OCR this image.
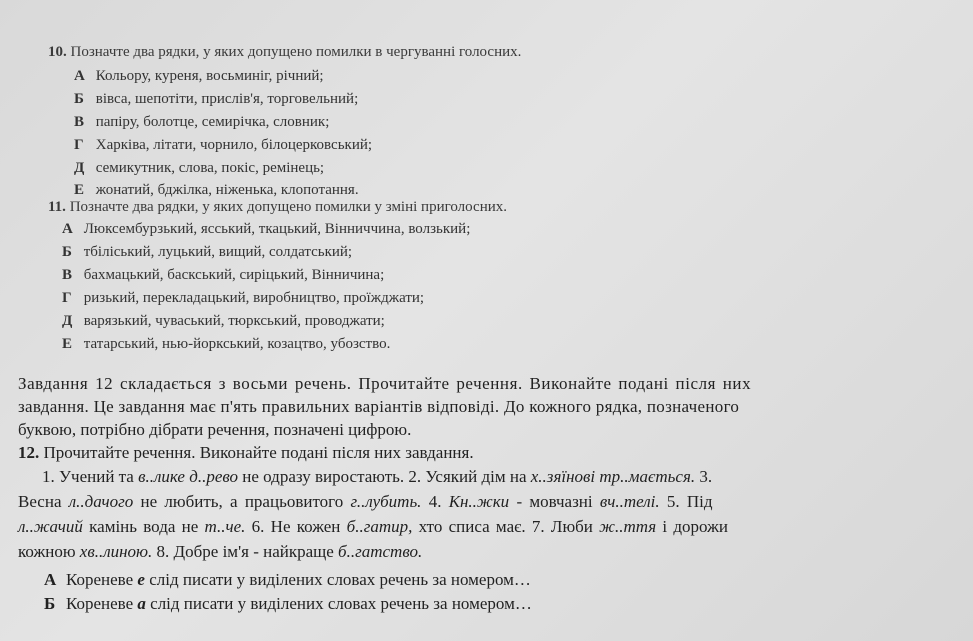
10. Позначте два рядки, у яких допущено помилки в чергуванні голосних.
А Кольору, куреня, восьминіг, річний;
Б вівса, шепотіти, прислів'я, торговельний;
В папіру, болотце, семирічка, словник;
Г Харківа, літати, чорнило, білоцерковський;
Д семикутник, слова, покіс, ремінець;
Е жонатий, бджілка, ніженька, клопотання.
11. Позначте два рядки, у яких допущено помилки у зміні приголосних.
А Люксембурзький, ясський, ткацький, Вінниччина, волзький;
Б тбіліський, луцький, вищий, солдатський;
В бахмацький, баскський, сиріцький, Вінничина;
Г ризький, перекладацький, виробництво, проїжджати;
Д варязький, чуваський, тюркський, проводжати;
Е татарський, нью-йоркський, козацтво, убозство.
Завдання 12 складається з восьми речень. Прочитайте речення. Виконайте подані після них
завдання. Це завдання має п'ять правильних варіантів відповіді. До кожного рядка, позначеного
буквою, потрібно дібрати речення, позначені цифрою.
12. Прочитайте речення. Виконайте подані після них завдання.
1. Учений та в..лике д..рево не одразу виростають. 2. Усякий дім на х..зяїнові тр..мається. 3.
Весна л..дачого не любить, а працьовитого г..лубить. 4. Кн..жки - мовчазні вч..телі. 5. Під
л..жачий камінь вода не т..че. 6. Не кожен б..гатир, хто списа має. 7. Люби ж..ття і дорожи
кожною хв..линою. 8. Добре ім'я - найкраще б..гатство.
А Кореневе е слід писати у виділених словах речень за номером…
Б Кореневе а слід писати у виділених словах речень за номером…
